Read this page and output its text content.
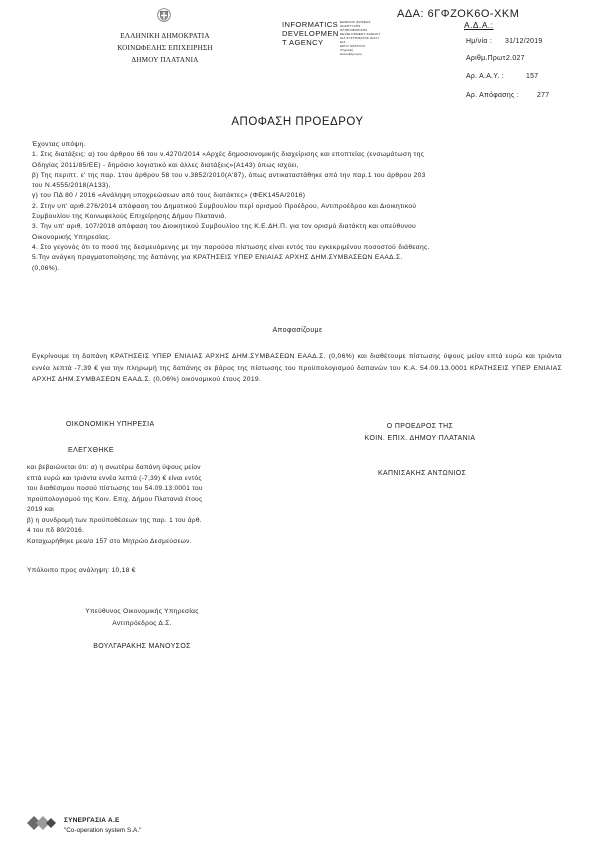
ΕΛΛΗΝΙΚΗ ΔΗΜΟΚΡΑΤΙΑ
ΚΟΙΝΩΦΕΛΗΣ ΕΠΙΧΕΙΡΗΣΗ
ΔΗΜΟΥ ΠΛΑΤΑΝΙΑ
INFORMATICS
DEVELOPMEN
T AGENCY
ΕΘΝΙΚΟΣ ΦΟΡΕΑΣ
ΑΝΑΠΤΥΞΗΣ
ΠΛΗΡΟΦΟΡΙΚΗΣ
DEVELOPMENT AGENCY
ΔΙΑ ΣΥΣΤΗΜΑΤΟΣ ΔΙΑΥΓ
ΕΙΑ
ΕΡΓΟ ΚΡΑΤΟΥΣ
Ψηφιακή
Διακυβέρνηση
ΑΔΑ: 6ΓΦΖΟΚ6Ο-ΧΚΜ
Α.Δ.Α.:
Ημ/νία : 31/12/2019
Αριθμ.Πρωτ.
2.027
Αρ. Α.Α.Υ. :	157
Αρ. Απόφασης :	277
ΑΠΟΦΑΣΗ ΠΡΟΕΔΡΟΥ

Έχοντας υπόψη.

1. Στις διατάξεις: α) του άρθρου 66 του ν.4270/2014 «Αρχές δημοσιονομικής διαχείρισης και εποπτείας (ενσωμάτωση της

Οδηγίας 2011/85/ΕΕ) - δημόσιο λογιστικό και άλλες διατάξεις»(Α143) όπως ισχύει,

β) Της περιπτ. ε' της παρ. 1του άρθρου 58 του ν.3852/2010(Α'87), όπως αντικαταστάθηκε από την παρ.1 του άρθρου 203

του Ν.4555/2018(Α133),

γ) του ΠΔ 80 / 2016 «Ανάληψη υποχρεώσεων από τους διατάκτες» (ΦΕΚ145Α/2016)

2. Στην υπ' αριθ.276/2014 απόφαση του Δημοτικού Συμβουλίου περί ορισμού Προέδρου, Αντιπροέδρου και Διοικητικού

Συμβουλίου της Κοινωφελούς Επιχείρησης Δήμου Πλατανιά.

3. Την υπ' αριθ. 107/2018 απόφαση του Διοικητικού Συμβουλίου της Κ.Ε.ΔΗ.Π. για τον ορισμό διατάκτη και υπεύθυνου

Οικονομικής Υπηρεσίας.

4. Στο γεγονός ότι το ποσό της δεσμευόμενης με την παρούσα πίστωσης είναι εντός του εγκεκριμένου ποσοστού διάθεσης.

5.Την ανάγκη πραγματοποίησης της δαπάνης για ΚΡΑΤΗΣΕΙΣ ΥΠΕΡ ΕΝΙΑΙΑΣ ΑΡΧΗΣ ΔΗΜ.ΣΥΜΒΑΣΕΩΝ ΕΑΑΔ.Σ.

(0,06%).

Αποφασίζουμε

Εγκρίνουμε τη δαπάνη ΚΡΑΤΗΣΕΙΣ ΥΠΕΡ ΕΝΙΑΙΑΣ ΑΡΧΗΣ ΔΗΜ.ΣΥΜΒΑΣΕΩΝ ΕΑΑΔ.Σ. (0,06%) και διαθέτουμε πίστωσης ύψους μείον επτά ευρώ και τριάντα εννέα λεπτά -7,39 € για την πληρωμή της δαπάνης σε βάρος της πίστωσης του προϋπολογισμού δαπανών του Κ.Α. 54.09.13.0001 ΚΡΑΤΗΣΕΙΣ ΥΠΕΡ ΕΝΙΑΙΑΣ ΑΡΧΗΣ ΔΗΜ.ΣΥΜΒΑΣΕΩΝ ΕΑΑΔ.Σ. (0,06%) οικονομικού έτους 2019.

ΟΙΚΟΝΟΜΙΚΗ ΥΠΗΡΕΣΙΑ	Ο ΠΡΟΕΔΡΟΣ ΤΗΣ
ΚΟΙΝ. ΕΠΙΧ. ΔΗΜΟΥ ΠΛΑΤΑΝΙΑ
ΚΑΠΝΙΣΑΚΗΣ ΑΝΤΩΝΙΟΣ
ΕΛΕΓΧΘΗΚΕ

και βεβαιώνεται ότι: α) η ανωτέρω δαπάνη ύψους μείον

επτά ευρώ και τριάντα εννέα λεπτά (-7,39) € είναι εντός

του διαθέσιμου ποσού πίστωσης του 54.09.13.0001 του

προϋπολογισμού της Κοιν. Επιχ. Δήμου Πλατανιά έτους

2019 και

β) η συνδρομή των προϋποθέσεων της παρ. 1 του άρθ.

4 του πδ 80/2016.

Καταχωρήθηκε μεα/α 157 στο Μητρώο Δεσμεύσεων.

Υπόλοιπο προς ανάληψη: 10,18 €
Υπεύθυνος Οικονομικής Υπηρεσίας
Αντιπρόεδρος Δ.Σ.
ΒΟΥΛΓΑΡΑΚΗΣ ΜΑΝΟΥΣΟΣ
ΣΥΝΕΡΓΑΣΙΑ Α.Ε
"Co-operation system S.A."
